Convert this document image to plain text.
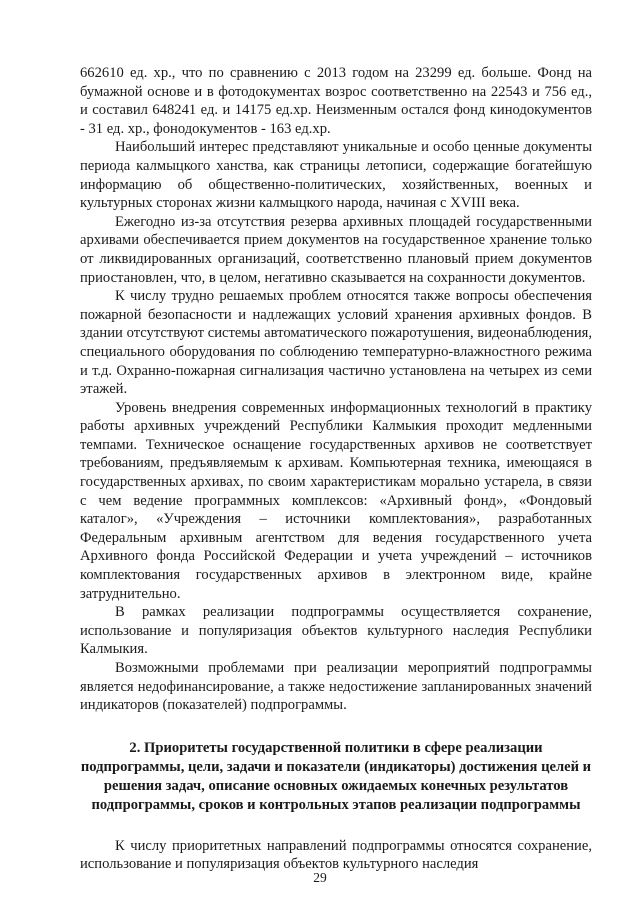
662610 ед. хр., что по сравнению с 2013 годом на 23299 ед. больше. Фонд на бумажной основе и в фотодокументах возрос соответственно на 22543 и 756 ед., и составил 648241 ед. и 14175 ед.хр. Неизменным остался фонд кинодокументов - 31 ед. хр., фонодокументов - 163 ед.хр.

Наибольший интерес представляют уникальные и особо ценные документы периода калмыцкого ханства, как страницы летописи, содержащие богатейшую информацию об общественно-политических, хозяйственных, военных и культурных сторонах жизни калмыцкого народа, начиная с XVIII века.

Ежегодно из-за отсутствия резерва архивных площадей государственными архивами обеспечивается прием документов на государственное хранение только от ликвидированных организаций, соответственно плановый прием документов приостановлен, что, в целом, негативно сказывается на сохранности документов.

К числу трудно решаемых проблем относятся также вопросы обеспечения пожарной безопасности и надлежащих условий хранения архивных фондов. В здании отсутствуют системы автоматического пожаротушения, видеонаблюдения, специального оборудования по соблюдению температурно-влажностного режима и т.д. Охранно-пожарная сигнализация частично установлена на четырех из семи этажей.

Уровень внедрения современных информационных технологий в практику работы архивных учреждений Республики Калмыкия проходит медленными темпами. Техническое оснащение государственных архивов не соответствует требованиям, предъявляемым к архивам. Компьютерная техника, имеющаяся в государственных архивах, по своим характеристикам морально устарела, в связи с чем ведение программных комплексов: «Архивный фонд», «Фондовый каталог», «Учреждения – источники комплектования», разработанных Федеральным архивным агентством для ведения государственного учета Архивного фонда Российской Федерации и учета учреждений – источников комплектования государственных архивов в электронном виде, крайне затруднительно.

В рамках реализации подпрограммы осуществляется сохранение, использование и популяризация объектов культурного наследия Республики Калмыкия.

Возможными проблемами при реализации мероприятий подпрограммы является недофинансирование, а также недостижение запланированных значений индикаторов (показателей) подпрограммы.

2. Приоритеты государственной политики в сфере реализации подпрограммы, цели, задачи и показатели (индикаторы) достижения целей и решения задач, описание основных ожидаемых конечных результатов подпрограммы, сроков и контрольных этапов реализации подпрограммы

К числу приоритетных направлений подпрограммы относятся сохранение, использование и популяризация объектов культурного наследия

29
